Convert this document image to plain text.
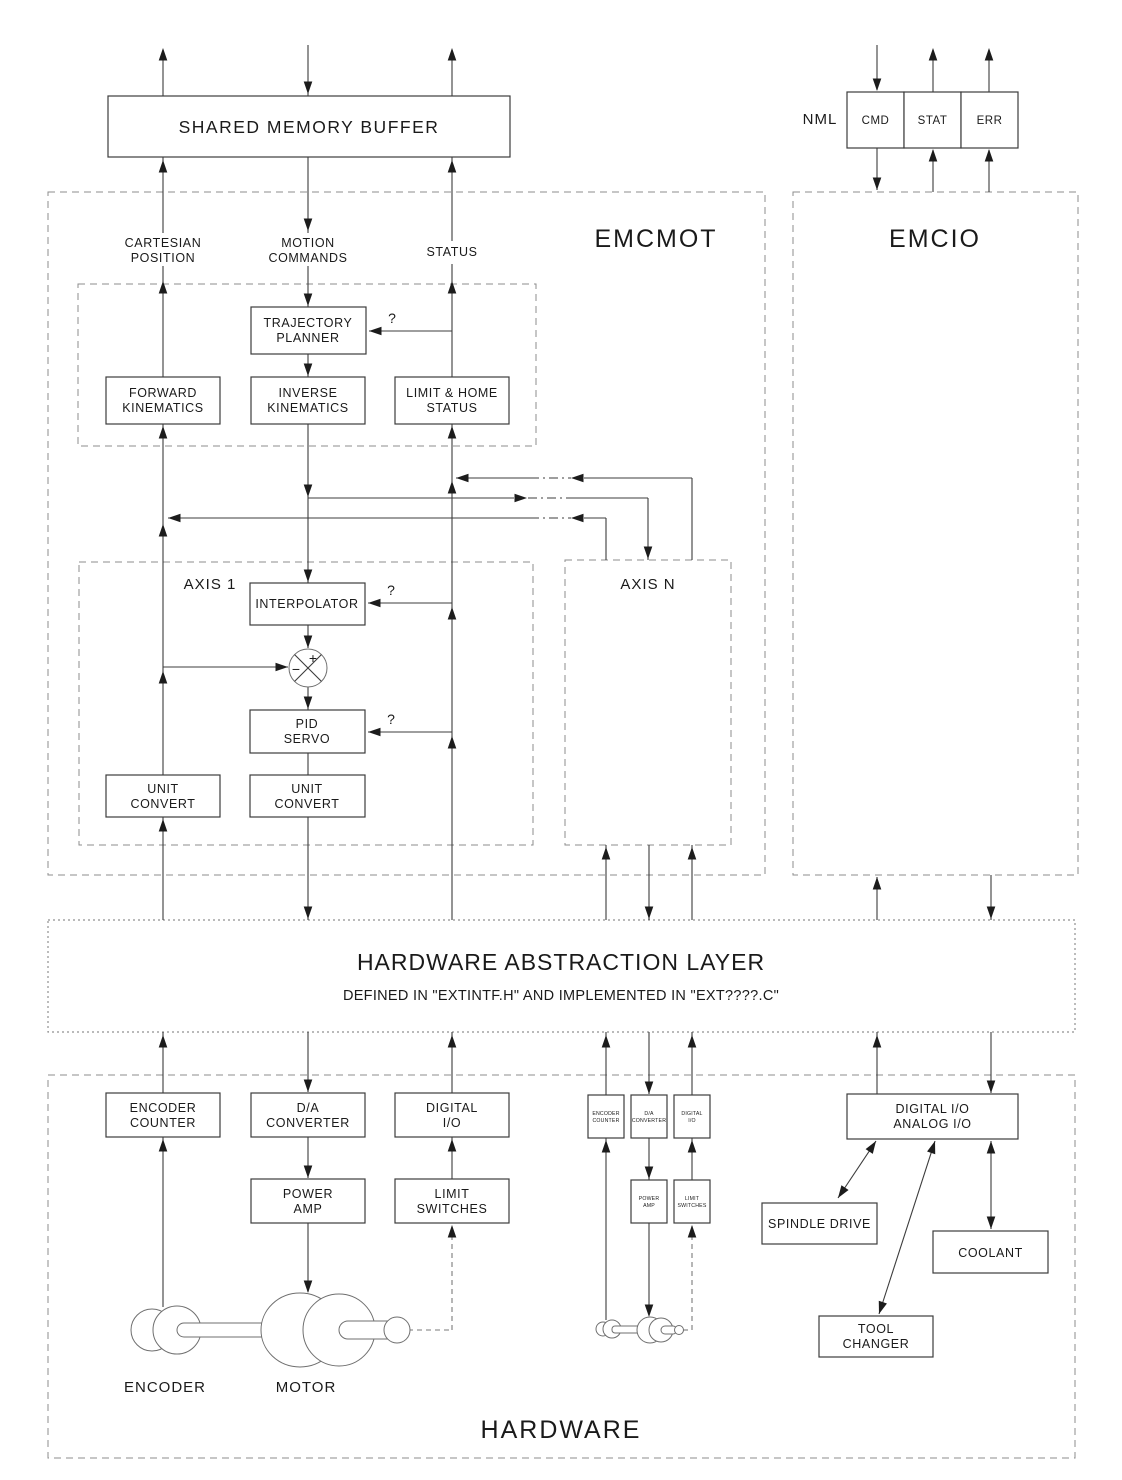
+
−
SHARED MEMORY BUFFER	NML CMD STAT	ERR
CARTESIAN
POSITION
MOTION
COMMANDS	STATUS	EMCMOT	EMCIO
TRAJECTORY
PLANNER
?
FORWARD
KINEMATICS
INVERSE
KINEMATICS
LIMIT & HOME
STATUS
AXIS 1	AXIS N
INTERPOLATOR
?
PID
SERVO
?
UNIT
CONVERT
UNIT
CONVERT
HARDWARE ABSTRACTION LAYER
DEFINED IN "EXTINTF.H" AND IMPLEMENTED IN "EXT????.C"
ENCODER
COUNTER
D/A
CONVERTER
DIGITAL
I/O
POWER
AMP
LIMIT
SWITCHES
ENCODER
COUNTER
D/A
CONVERTER
DIGITAL
I/O
POWER
AMP
LIMIT
SWITCHES
DIGITAL I/O
ANALOG I/O
SPINDLE DRIVE
COOLANT
TOOL
CHANGER
ENCODER	MOTOR
HARDWARE
